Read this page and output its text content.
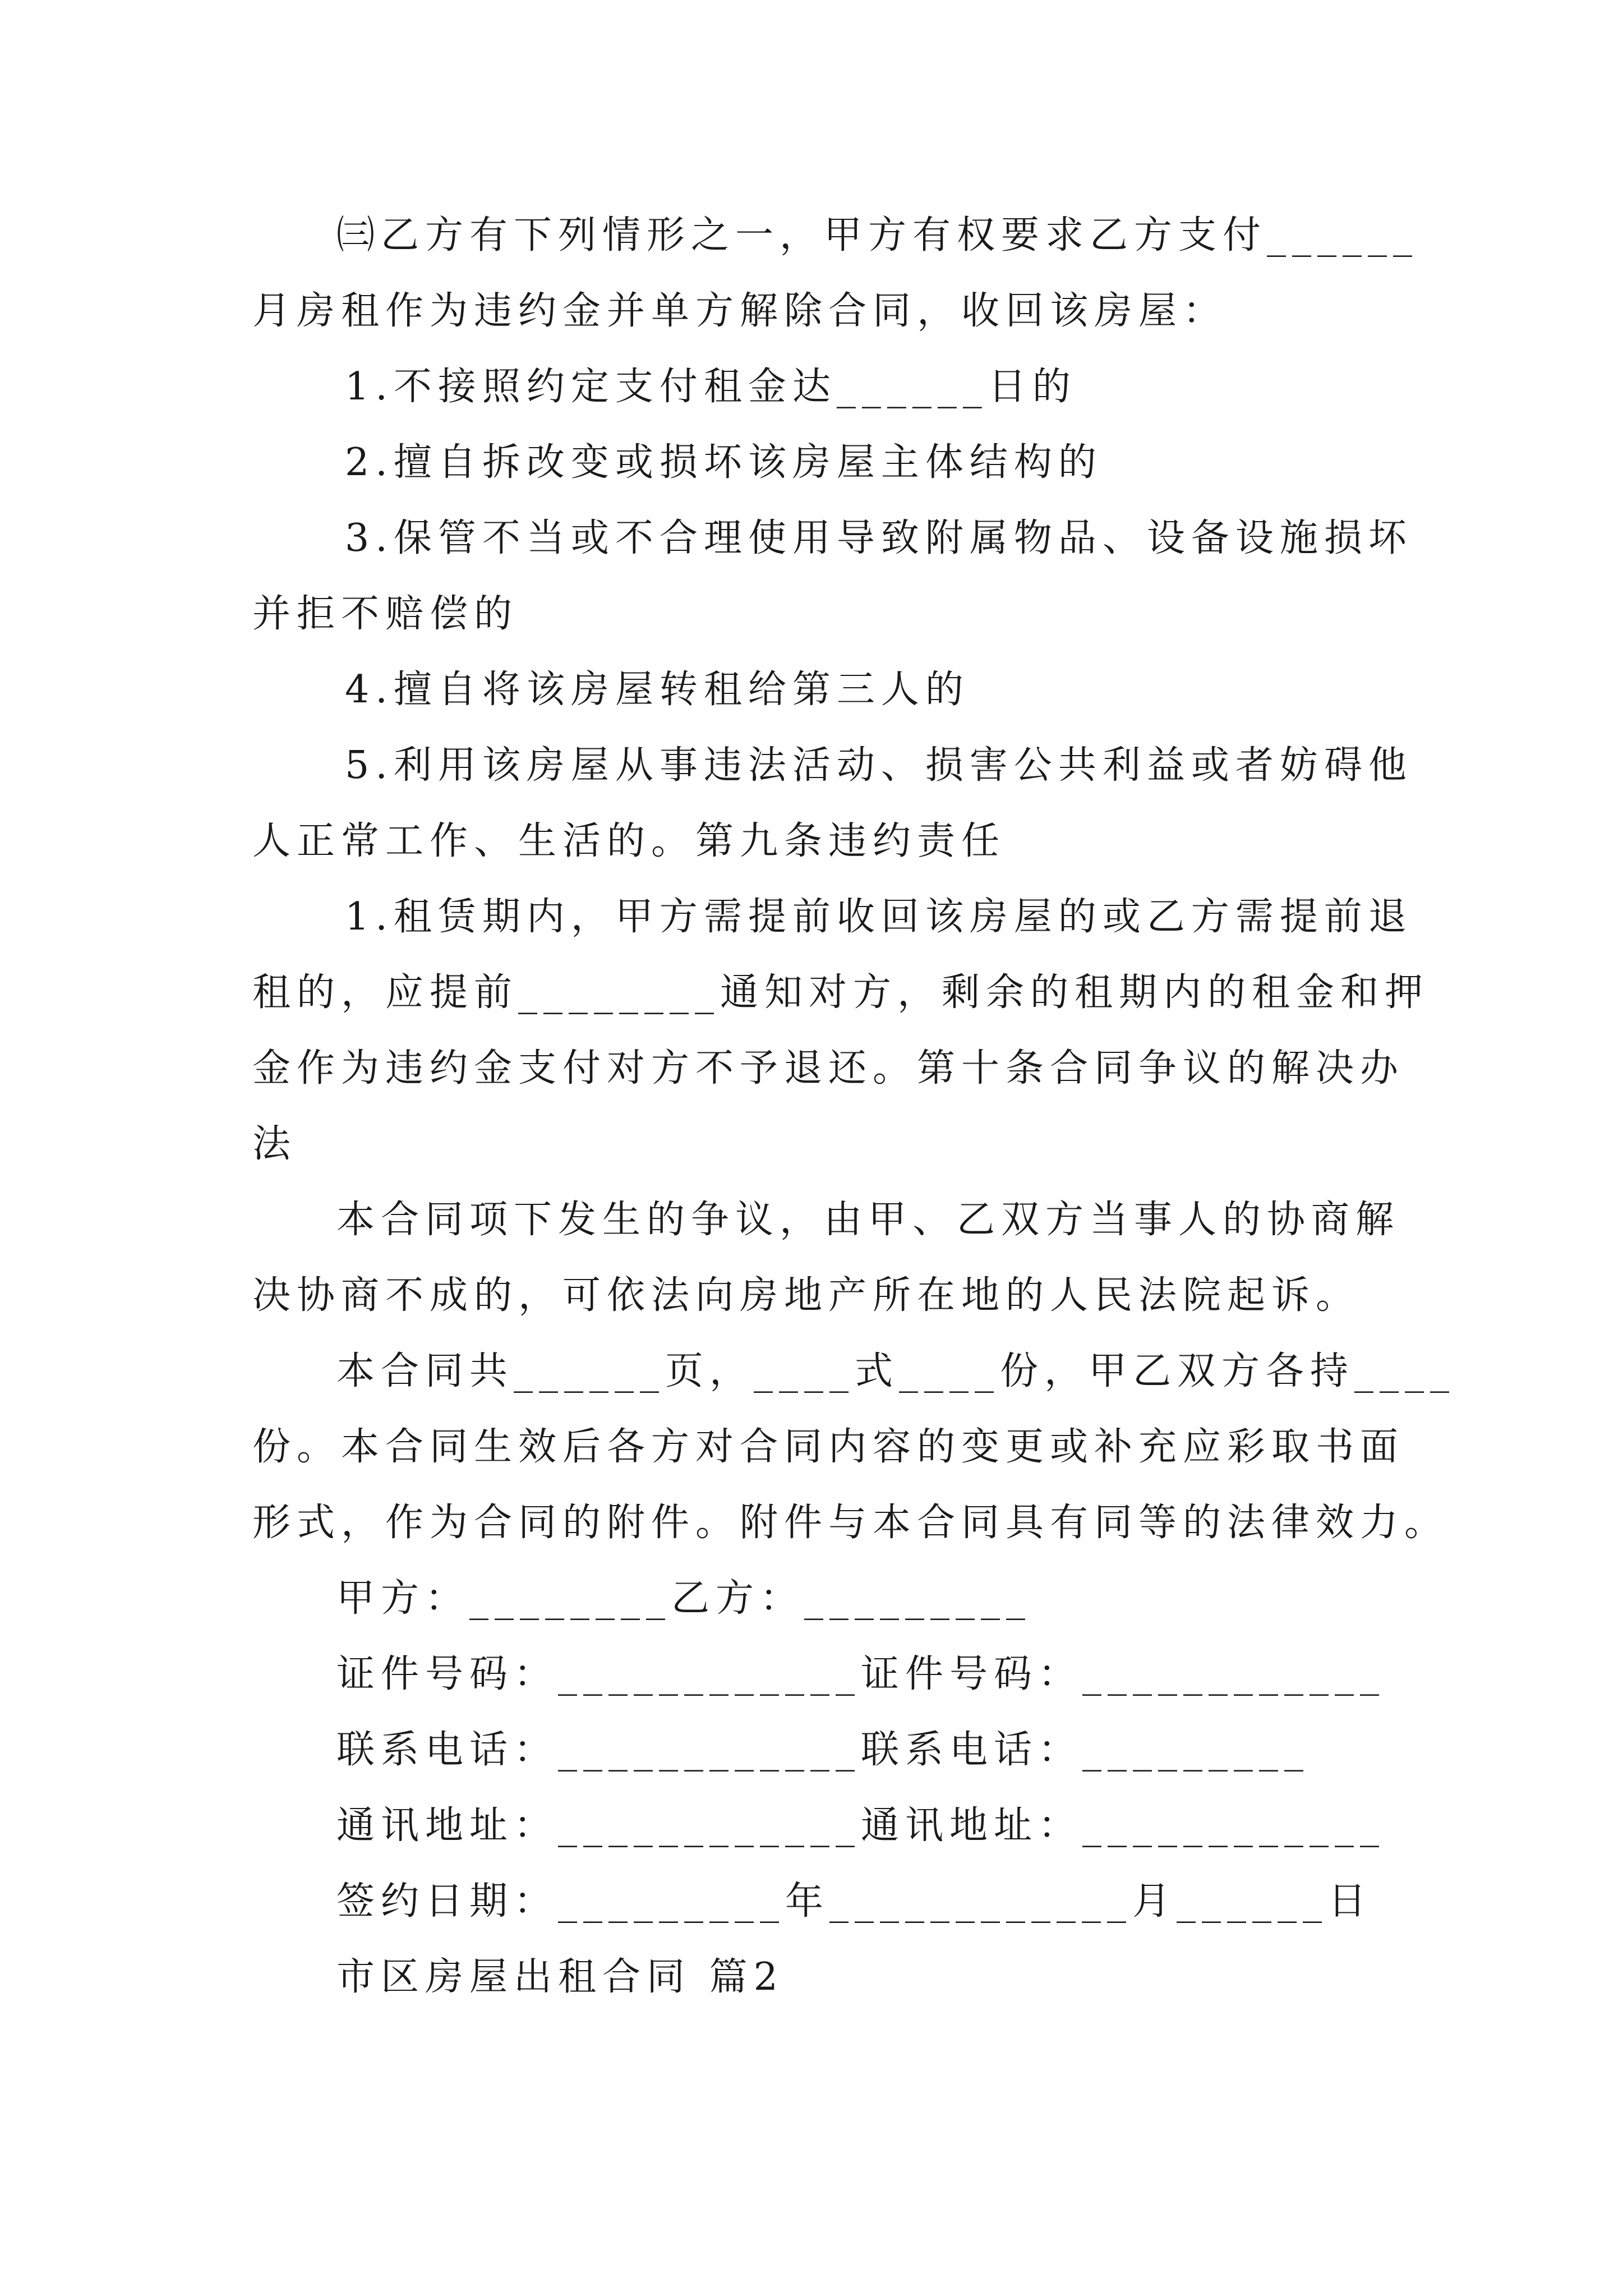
㈢乙方有下列情形之一，甲方有权要求乙方支付______
月房租作为违约金并单方解除合同，收回该房屋：
1.不接照约定支付租金达______日的
2.擅自拆改变或损坏该房屋主体结构的
3.保管不当或不合理使用导致附属物品、设备设施损坏
并拒不赔偿的
4.擅自将该房屋转租给第三人的
5.利用该房屋从事违法活动、损害公共利益或者妨碍他
人正常工作、生活的。第九条违约责任
1.租赁期内，甲方需提前收回该房屋的或乙方需提前退
租的，应提前________通知对方，剩余的租期内的租金和押
金作为违约金支付对方不予退还。第十条合同争议的解决办
法
本合同项下发生的争议，由甲、乙双方当事人的协商解
决协商不成的，可依法向房地产所在地的人民法院起诉。
本合同共______页，____式____份，甲乙双方各持____
份。本合同生效后各方对合同内容的变更或补充应彩取书面
形式，作为合同的附件。附件与本合同具有同等的法律效力。
甲方：________乙方：_________
证件号码：____________证件号码：____________
联系电话：____________联系电话：_________
通讯地址：____________通讯地址：____________
签约日期：_________年____________月______日
市区房屋出租合同 篇2
